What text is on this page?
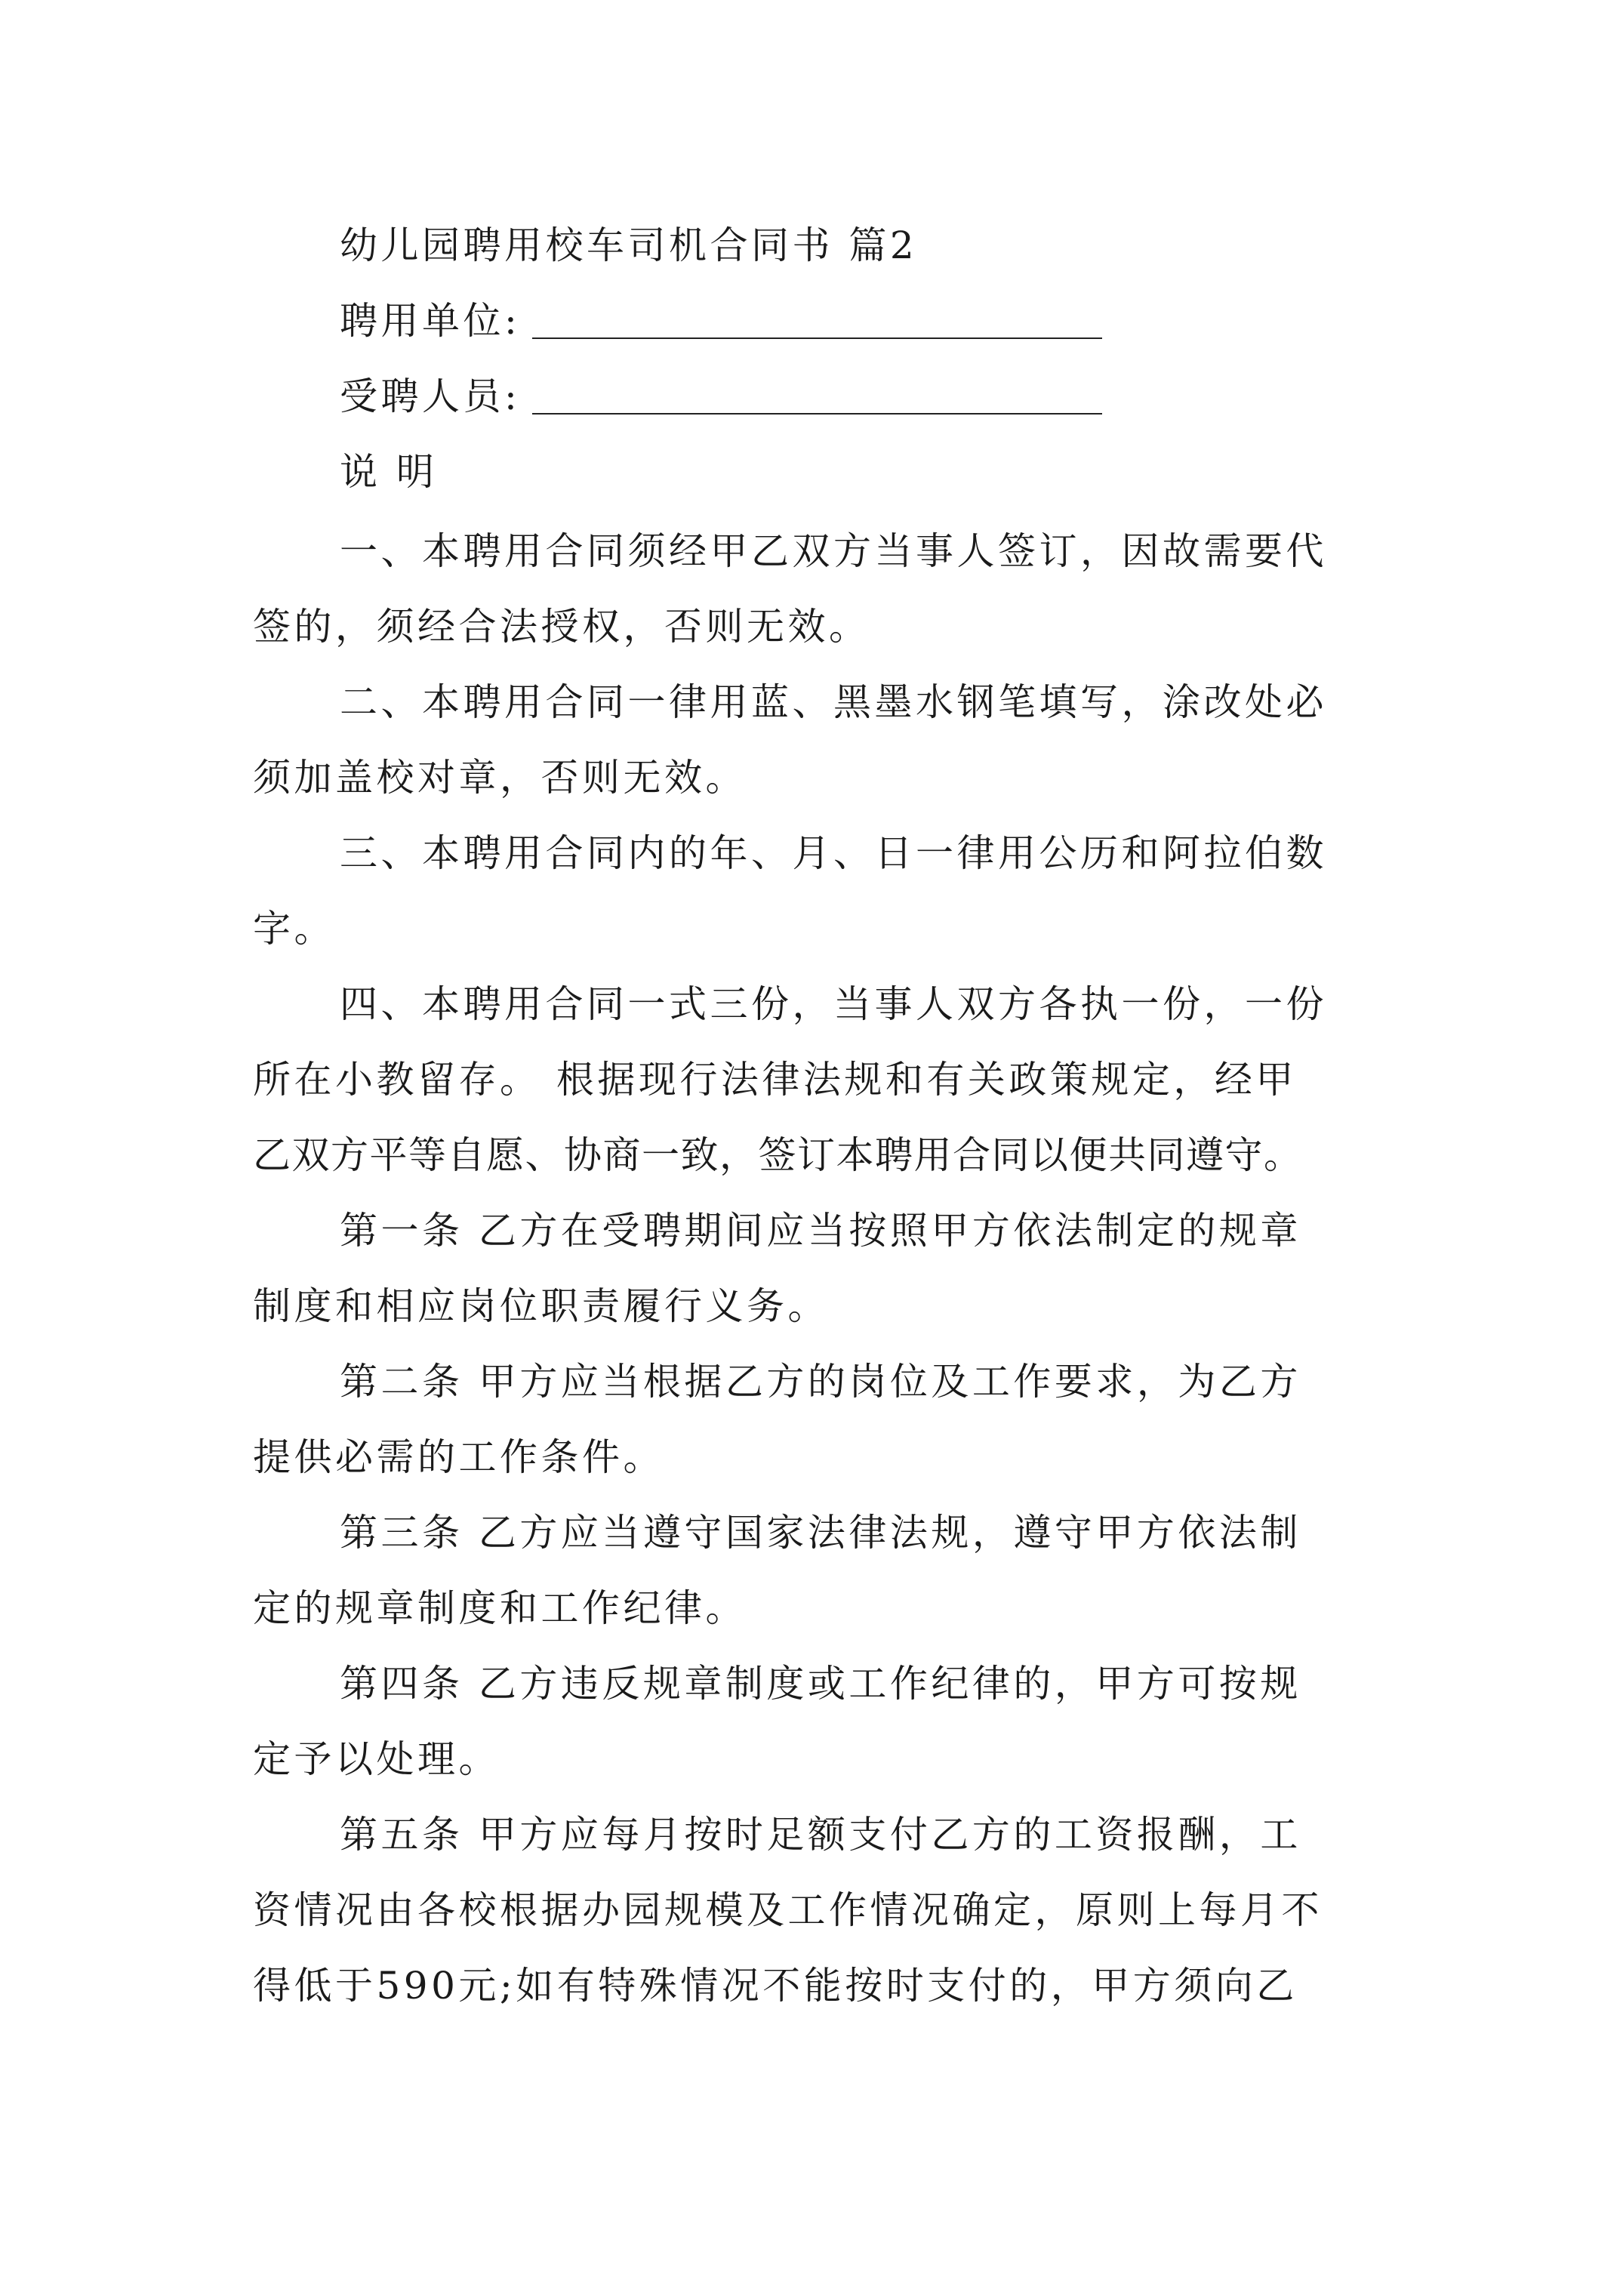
幼儿园聘用校车司机合同书 篇2
聘用单位:
受聘人员:
说 明
一、本聘用合同须经甲乙双方当事人签订，因故需要代
签的，须经合法授权，否则无效。
二、本聘用合同一律用蓝、黑墨水钢笔填写，涂改处必
须加盖校对章，否则无效。
三、本聘用合同内的年、月、日一律用公历和阿拉伯数
字。
四、本聘用合同一式三份，当事人双方各执一份，一份
所在小教留存。 根据现行法律法规和有关政策规定，经甲
乙双方平等自愿、协商一致，签订本聘用合同以便共同遵守。
第一条 乙方在受聘期间应当按照甲方依法制定的规章
制度和相应岗位职责履行义务。
第二条 甲方应当根据乙方的岗位及工作要求，为乙方
提供必需的工作条件。
第三条 乙方应当遵守国家法律法规，遵守甲方依法制
定的规章制度和工作纪律。
第四条 乙方违反规章制度或工作纪律的，甲方可按规
定予以处理。
第五条 甲方应每月按时足额支付乙方的工资报酬，工
资情况由各校根据办园规模及工作情况确定，原则上每月不
得低于590元;如有特殊情况不能按时支付的，甲方须向乙
